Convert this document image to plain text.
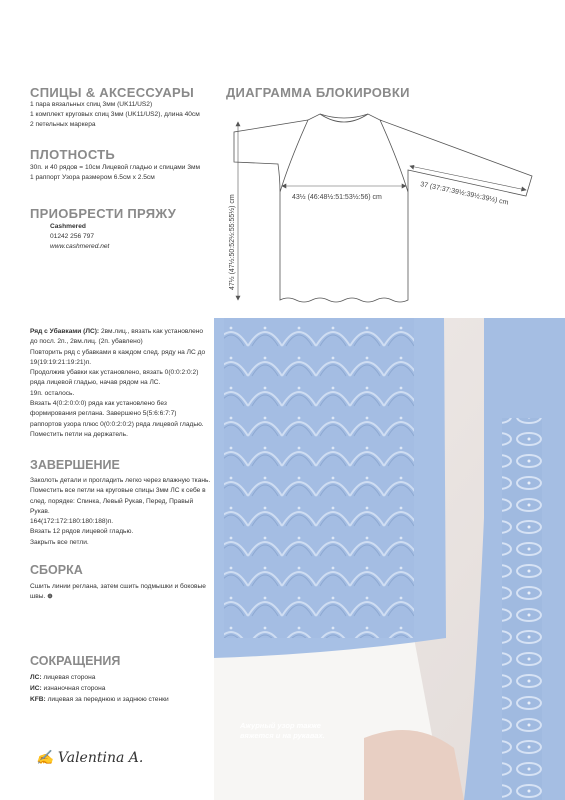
СПИЦЫ & АКСЕССУАРЫ
1 пара вязальных спиц 3мм (UK11/US2)
1 комплект круговых спиц 3мм (UK11/US2), длина 40см
2 петельных маркера
ПЛОТНОСТЬ
30п. и 40 рядов = 10см Лицевой гладью и спицами 3мм
1 раппорт Узора размером 6.5см x 2.5см
ПРИОБРЕСТИ ПРЯЖУ
Cashmered
01242 256 797
www.cashmered.net
ДИАГРАММА БЛОКИРОВКИ
43½ (46:48½:51:53½:56) cm	37 (37:37:39½:39½:39½) cm
47½ (47½:50:52½:55:55½) cm
Ряд с Убавками (ЛС): 2вм.лиц., вязать как установлено
до посл. 2п., 2вм.лиц. (2п. убавлено)
Повторить ряд с убавками в каждом след. ряду на ЛС до
19(19:19:21:19:21)п.
Продолжив убавки как установлено, вязать 0(0:0:2:0:2)
ряда лицевой гладью, начав рядом на ЛС.
19п. осталось.
Вязать 4(0:2:0:0:0) ряда как установлено без
формирования реглана. Завершено 5(5:6:6:7:7)
раппортов узора плюс 0(0:0:2:0:2) ряда лицевой гладью.
Поместить петли на держатель.
ЗАВЕРШЕНИЕ
Заколоть детали и прогладить легко через влажную ткань.
Поместить все петли на круговые спицы 3мм ЛС к себе в
след. порядке: Спинка, Левый Рукав, Перед, Правый
Рукав.
164(172:172:180:180:188)п.
Вязать 12 рядов лицевой гладью.
Закрыть все петли.
СБОРКА
Сшить линии реглана, затем сшить подмышки и боковые
швы. ⊕
СОКРАЩЕНИЯ
ЛС: лицевая сторона
ИС: изнаночная сторона
KFB: лицевая за переднюю и заднюю стенки
Ажурный узор также
вяжется и на рукавах.
✍ Valentina A.
